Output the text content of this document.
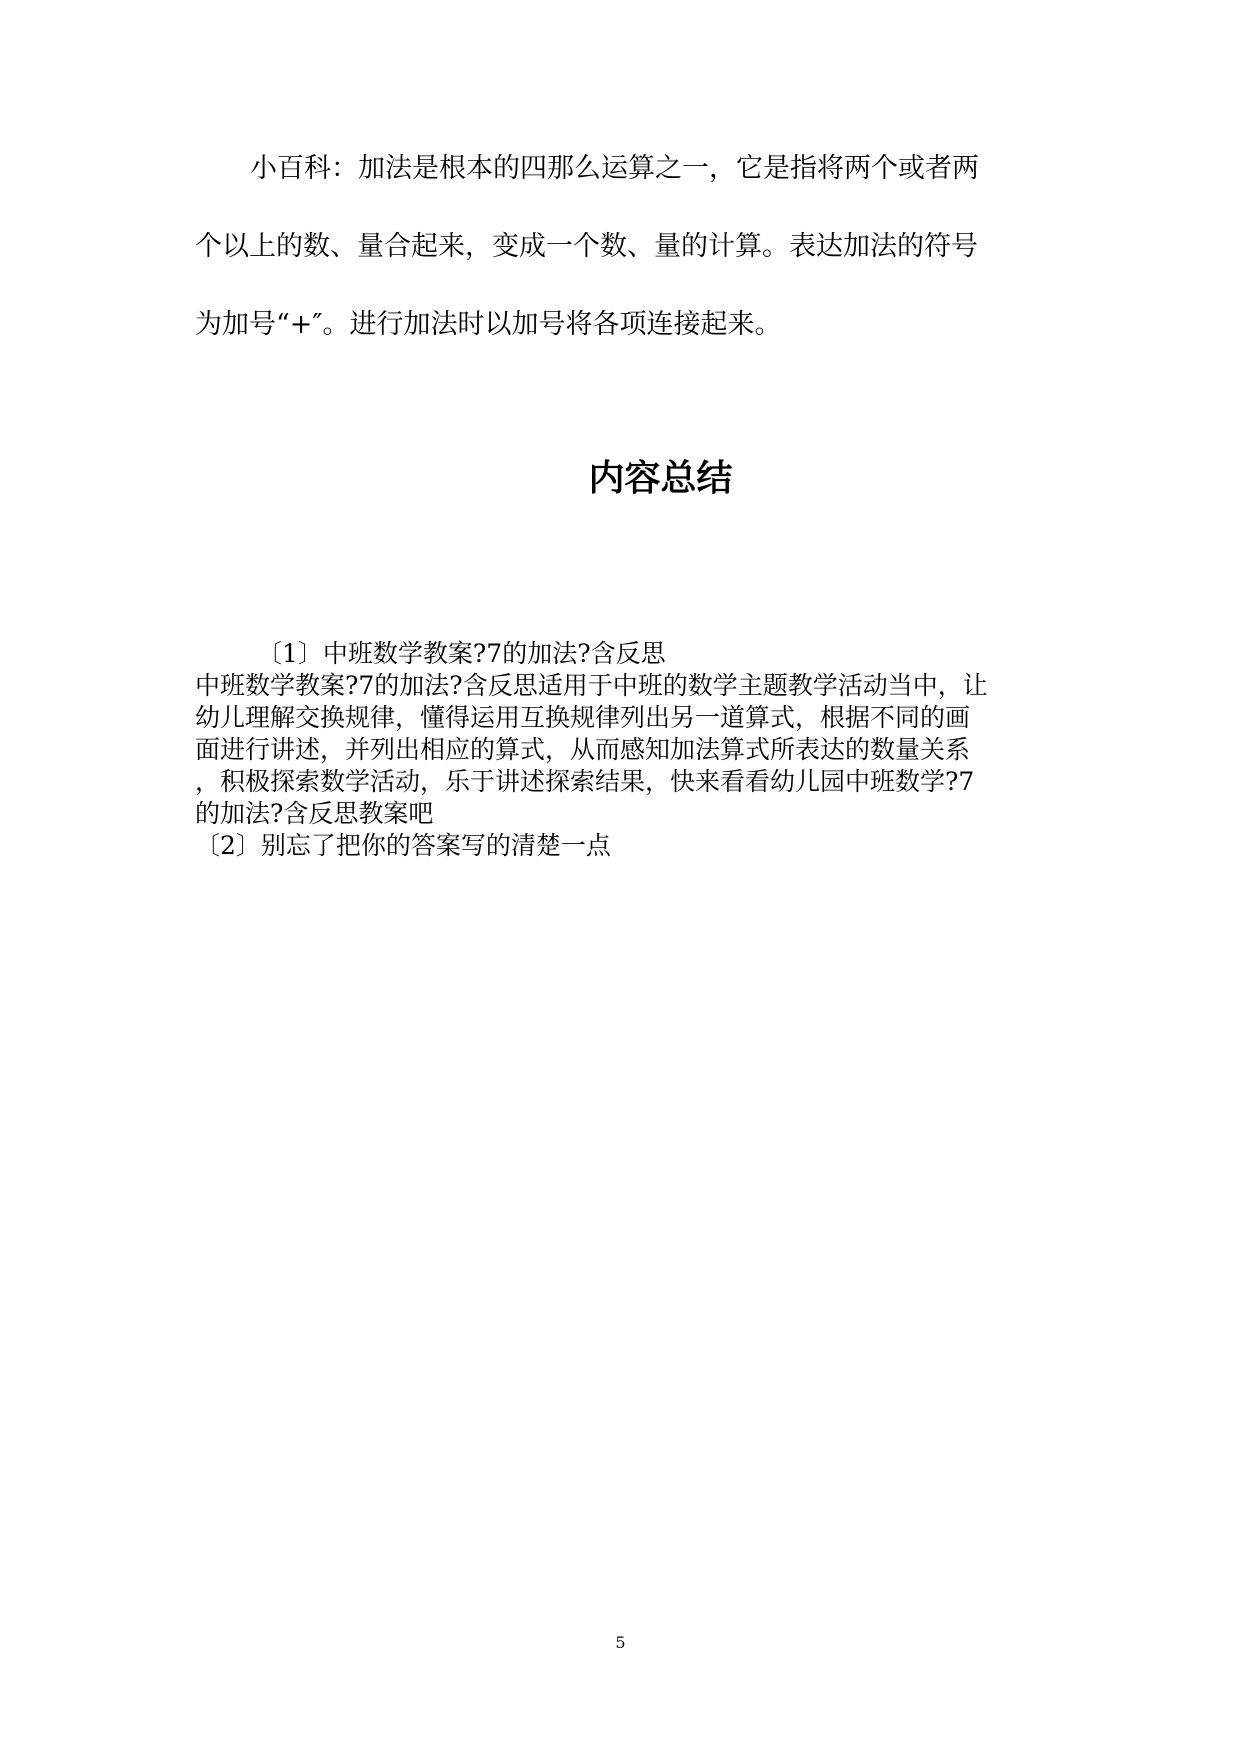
小百科：加法是根本的四那么运算之一，它是指将两个或者两
个以上的数、量合起来，变成一个数、量的计算。表达加法的符号
为加号“+″。进行加法时以加号将各项连接起来。
内容总结
〔1〕中班数学教案?7的加法?含反思
中班数学教案?7的加法?含反思适用于中班的数学主题教学活动当中，让
幼儿理解交换规律，懂得运用互换规律列出另一道算式，根据不同的画
面进行讲述，并列出相应的算式，从而感知加法算式所表达的数量关系
，积极探索数学活动，乐于讲述探索结果，快来看看幼儿园中班数学?7
的加法?含反思教案吧
〔2〕别忘了把你的答案写的清楚一点
5
